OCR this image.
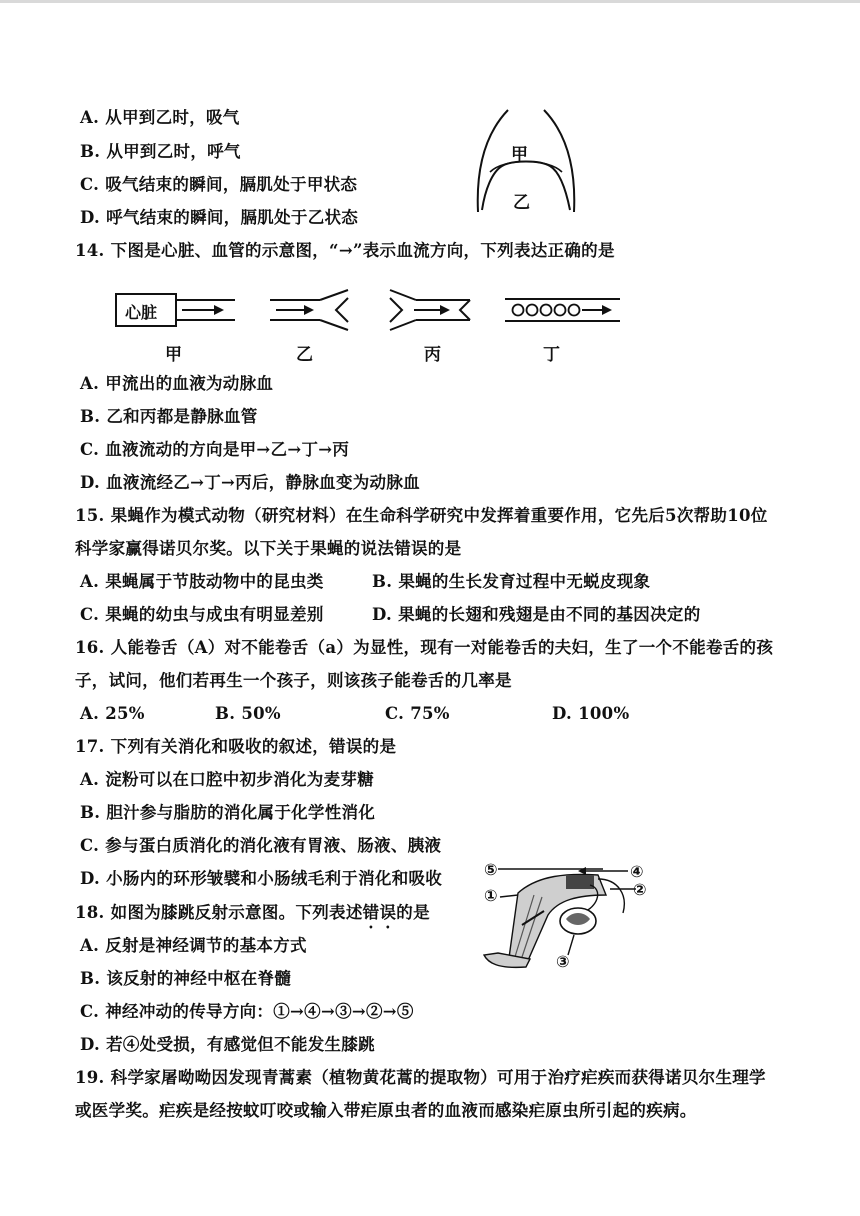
A. 从甲到乙时，吸气
B. 从甲到乙时，呼气
C. 吸气结束的瞬间，膈肌处于甲状态
D. 呼气结束的瞬间，膈肌处于乙状态
甲
乙
14. 下图是心脏、血管的示意图，“→”表示血流方向，下列表达正确的是
心脏
甲	乙	丙	丁
A. 甲流出的血液为动脉血
B. 乙和丙都是静脉血管
C. 血液流动的方向是甲→乙→丁→丙
D. 血液流经乙→丁→丙后，静脉血变为动脉血
15. 果蝇作为模式动物（研究材料）在生命科学研究中发挥着重要作用，它先后5次帮助10位
科学家赢得诺贝尔奖。以下关于果蝇的说法错误的是
A. 果蝇属于节肢动物中的昆虫类	B. 果蝇的生长发育过程中无蜕皮现象
C. 果蝇的幼虫与成虫有明显差别	D. 果蝇的长翅和残翅是由不同的基因决定的
16. 人能卷舌（A）对不能卷舌（a）为显性，现有一对能卷舌的夫妇，生了一个不能卷舌的孩
子，试问，他们若再生一个孩子，则该孩子能卷舌的几率是
A. 25%	B. 50%	C. 75%	D. 100%
17. 下列有关消化和吸收的叙述，错误的是
A. 淀粉可以在口腔中初步消化为麦芽糖
B. 胆汁参与脂肪的消化属于化学性消化
C. 参与蛋白质消化的消化液有胃液、肠液、胰液
D. 小肠内的环形皱襞和小肠绒毛利于消化和吸收	⑤	④
①	②
③
18. 如图为膝跳反射示意图。下列表述错误的是
A. 反射是神经调节的基本方式
B. 该反射的神经中枢在脊髓
C. 神经冲动的传导方向：①→④→③→②→⑤
D. 若④处受损，有感觉但不能发生膝跳
19. 科学家屠呦呦因发现青蒿素（植物黄花蒿的提取物）可用于治疗疟疾而获得诺贝尔生理学
或医学奖。疟疾是经按蚊叮咬或输入带疟原虫者的血液而感染疟原虫所引起的疾病。
